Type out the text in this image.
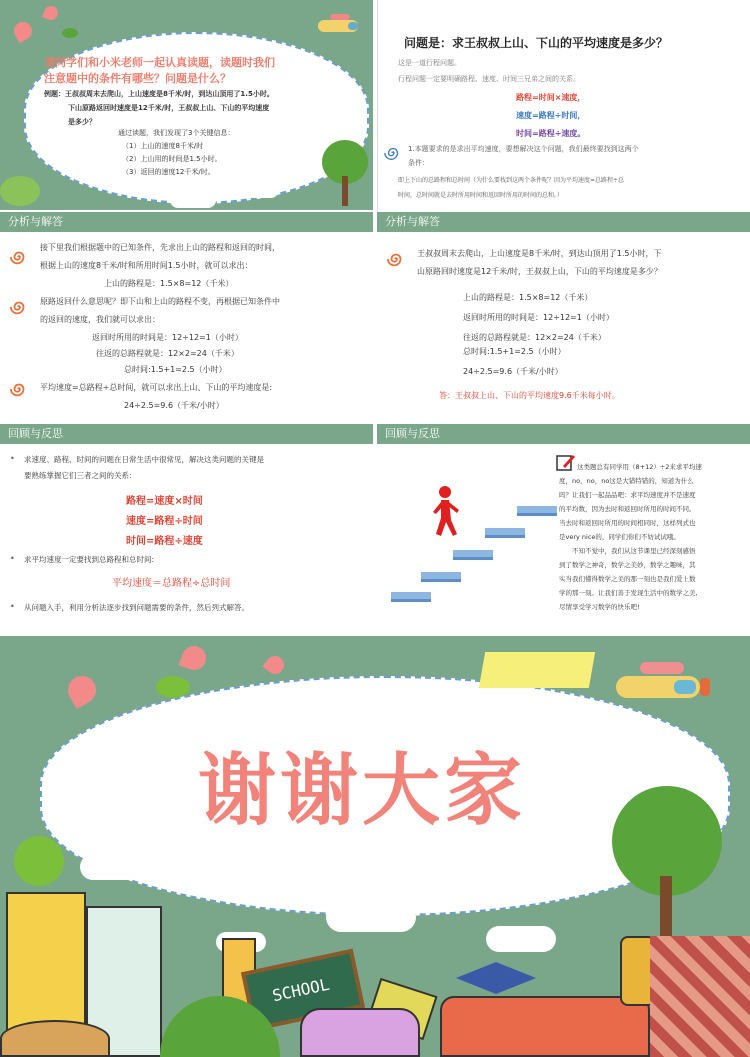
请同学们和小米老师一起认真读题，读题时我们
注意题中的条件有哪些？问题是什么？
例题：王叔叔周末去爬山，上山速度是8千米/时，到达山顶用了1.5小时。
下山原路返回时速度是12千米/时，王叔叔上山、下山的平均速度
是多少？
通过读题，我们发现了3个关键信息：
（1）上山的速度8千米/时
（2）上山用的时间是1.5小时。
（3）返回的速度12千米/时。
问题是：求王叔叔上山、下山的平均速度是多少？
这是一道行程问题。
行程问题一定要明确路程、速度、时间三兄弟之间的关系。
路程=时间×速度，
速度=路程÷时间，
时间=路程÷速度。
1.本题要求的是求出平均速度，要想解决这个问题，我们最终要找到这两个
条件：
即上下山的总路程和总时间（为什么要找到这两个条件呢？因为平均速度=总路程÷总
时间，总时间就是去时所用时间和返回时所用的时间的总和。）
分析与解答
接下里我们根据题中的已知条件，先求出上山的路程和返回的时间，
根据上山的速度8千米/时和所用时间1.5小时，就可以求出：
上山的路程是：1.5×8=12（千米）
原路返回什么意思呢？即下山和上山的路程不变，再根据已知条件中
的返回的速度，我们就可以求出：
返回时所用的时间是：12÷12=1（小时）
往返的总路程就是：12×2=24（千米）
总时间:1.5+1=2.5（小时）
平均速度=总路程÷总时间，就可以求出上山、下山的平均速度是:
24÷2.5=9.6（千米/小时）
分析与解答
王叔叔周末去爬山，上山速度是8千米/时，到达山顶用了1.5小时，下
山原路回时速度是12千米/时，王叔叔上山，下山的平均速度是多少？
上山的路程是：1.5×8=12（千米）
返回时所用的时间是：12÷12=1（小时）
往返的总路程就是：12×2=24（千米）
总时间:1.5+1=2.5（小时）
24÷2.5=9.6（千米/小时）
答：王叔叔上山、下山的平均速度9.6千米每小时。
回顾与反思
• 求速度、路程、时间的问题在日常生活中很常见，解决这类问题的关键是
要熟练掌握它们三者之间的关系：
路程=速度×时间
速度=路程÷时间
时间=路程÷速度
• 求平均速度一定要找到总路程和总时间:
平均速度＝总路程÷总时间
• 从问题入手，利用分析法逐步找到问题需要的条件，然后列式解答。
回顾与反思
这类题总有同学用（8+12）÷2来求平均速
度，no，no，no这是大错特错的，知道为什么
吗？让我们一起品品吧：求平均速度并不是速度
的平均数，因为去时和返回时所用的时间不同。
当去时和返回时所用的时间相同时，这样列式也
是very nice的，同学们你们不妨试试哦。
　　不知不觉中，我们从这节课里已经深刻感悟
到了数学之神奇，数学之美妙，数学之趣味，其
实当我们懂得数学之美的那一刻也是我们爱上数
学的那一刻。让我们善于发现生活中的数学之美,
尽情享受学习数学的快乐吧!
谢谢大家
SCHOOL
